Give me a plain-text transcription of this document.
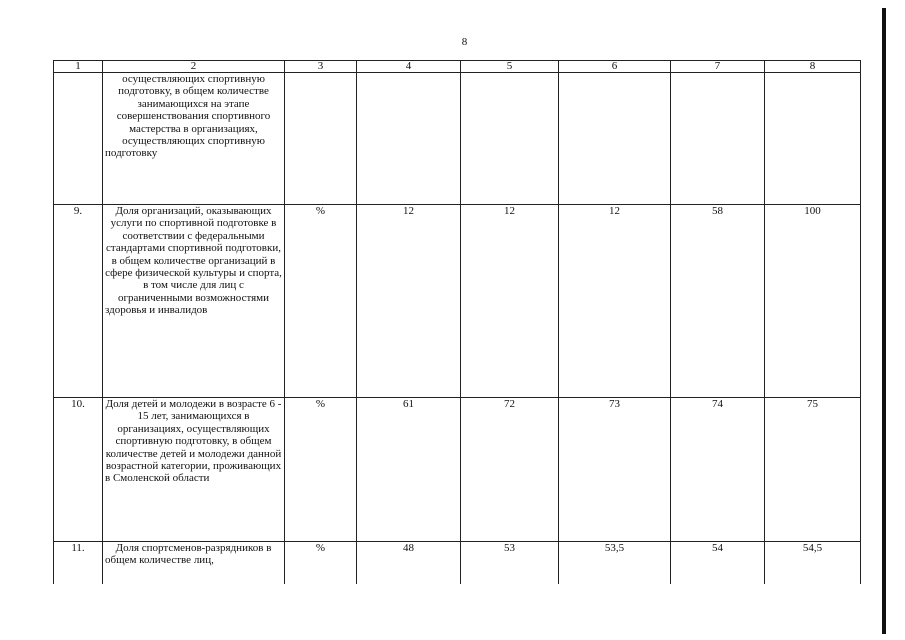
8
1	2	3	4	5	6	7	8
	осуществляющих спортивную подготовку, в общем количестве занимающихся на этапе совершенствования спортивного мастерства в организациях, осуществляющих спортивную подготовку						
9.	Доля организаций, оказывающих услуги по спортивной подготовке в соответствии с федеральными стандартами спортивной подготовки, в общем количестве организаций в сфере физической культуры и спорта, в том числе для лиц с ограниченными возможностями здоровья и инвалидов	%	12	12	12	58	100
10.	Доля детей и молодежи в возрасте 6 - 15 лет, занимающихся в организациях, осуществляющих спортивную подготовку, в общем количестве детей и молодежи данной возрастной категории, проживающих в Смоленской области	%	61	72	73	74	75
11.	Доля спортсменов-разрядников в общем количестве лиц,	%	48	53	53,5	54	54,5
